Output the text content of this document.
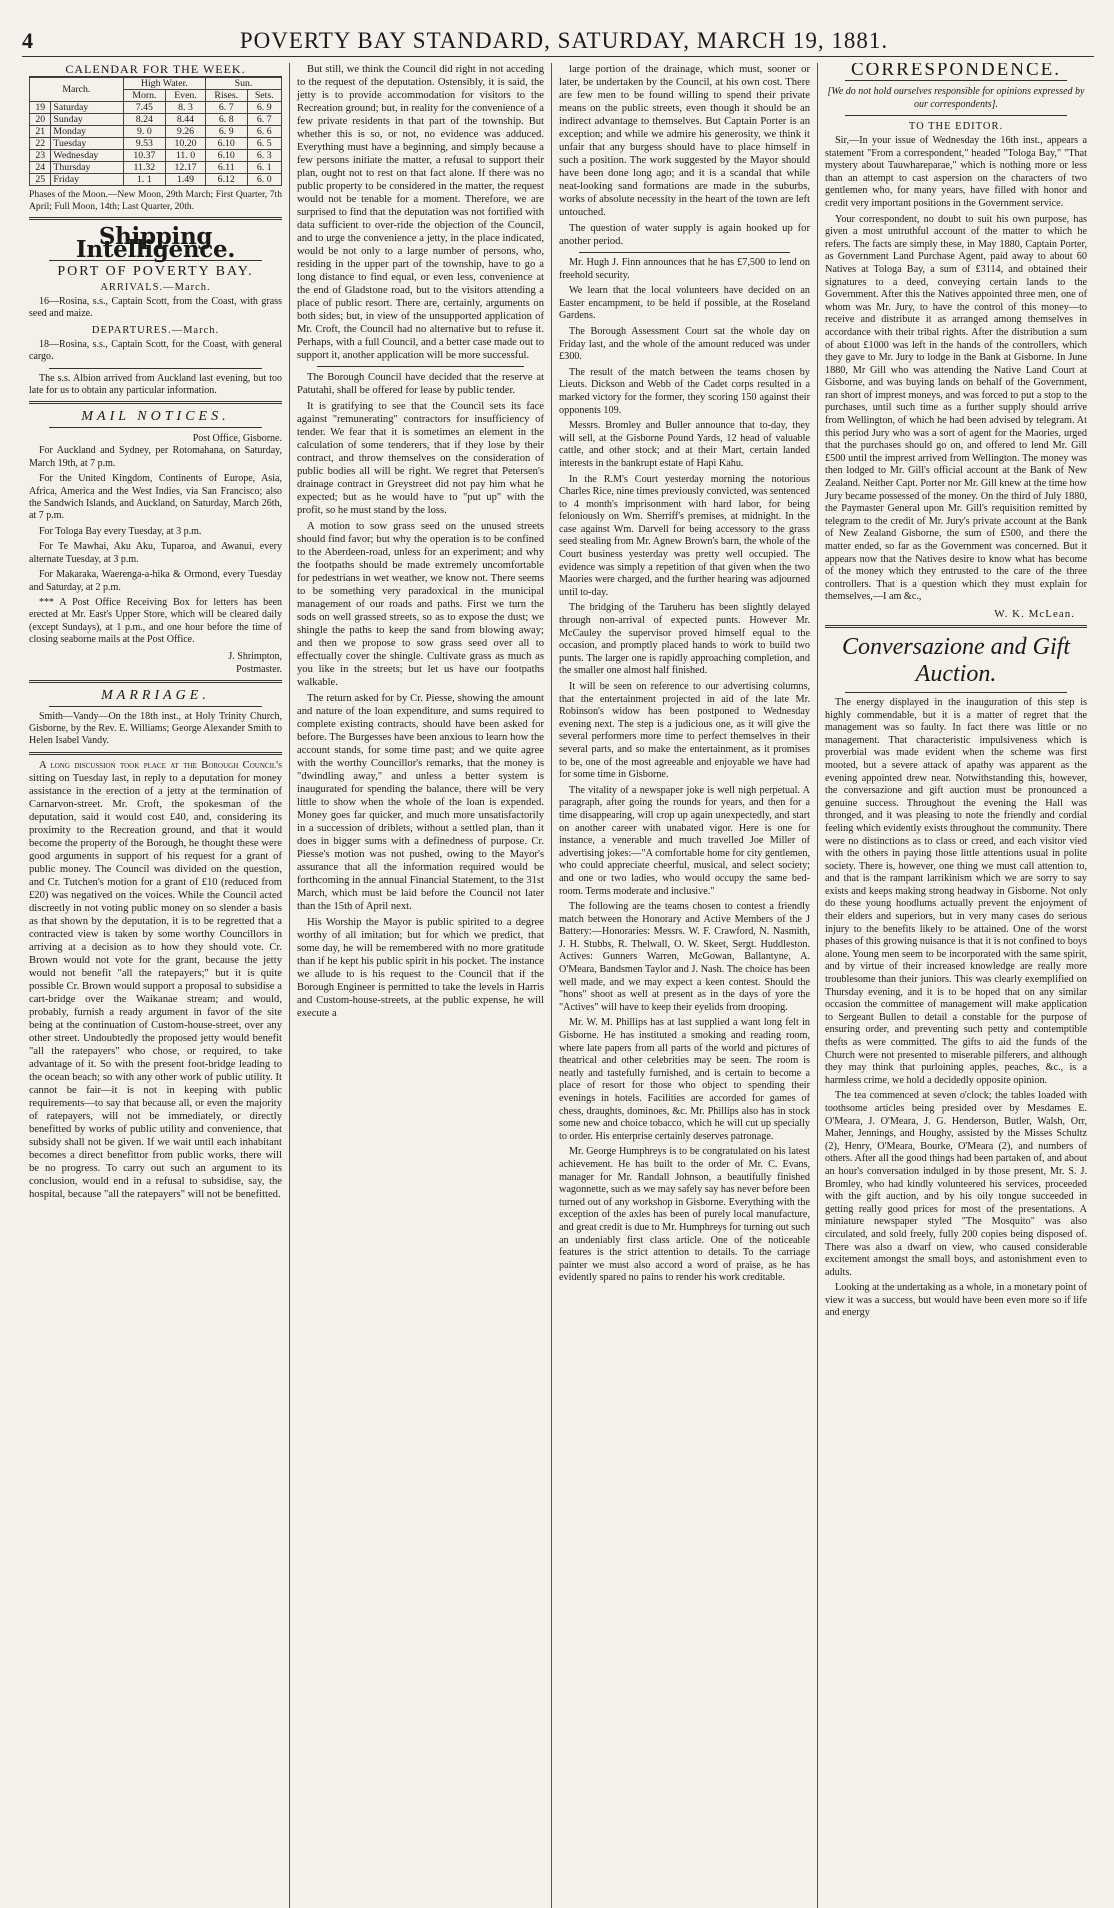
4	POVERTY BAY STANDARD, SATURDAY, MARCH 19, 1881.
CALENDAR FOR THE WEEK.
March.		High Water.		Sun.	
		Morn.	Even.	Rises.	Sets.
19	Saturday	7.45	8. 3	6. 7	6. 9
20	Sunday	8.24	8.44	6. 8	6. 7
21	Monday	9. 0	9.26	6. 9	6. 6
22	Tuesday	9.53	10.20	6.10	6. 5
23	Wednesday	10.37	11. 0	6.10	6. 3
24	Thursday	11.32	12.17	6.11	6. 1
25	Friday	1. 1	1.49	6.12	6. 0
Phases of the Moon.—New Moon, 29th March; First Quarter, 7th April; Full Moon, 14th; Last Quarter, 20th.
Shipping Intelligence.
PORT OF POVERTY BAY.
ARRIVALS.—March.

16—Rosina, s.s., Captain Scott, from the Coast, with grass seed and maize.

DEPARTURES.—March.

18—Rosina, s.s., Captain Scott, for the Coast, with general cargo.

The s.s. Albion arrived from Auckland last evening, but too late for us to obtain any particular information.

MAIL NOTICES.
Post Office, Gisborne.

For Auckland and Sydney, per Rotomahana, on Saturday, March 19th, at 7 p.m.

For the United Kingdom, Continents of Europe, Asia, Africa, America and the West Indies, via San Francisco; also the Sandwich Islands, and Auckland, on Saturday, March 26th, at 7 p.m.

For Tologa Bay every Tuesday, at 3 p.m.

For Te Mawhai, Aku Aku, Tuparoa, and Awanui, every alternate Tuesday, at 3 p.m.

For Makaraka, Waerenga-a-hika & Ormond, every Tuesday and Saturday, at 2 p.m.

*** A Post Office Receiving Box for letters has been erected at Mr. East's Upper Store, which will be cleared daily (except Sundays), at 1 p.m., and one hour before the time of closing seaborne mails at the Post Office.

J. Shrimpton,
Postmaster.
MARRIAGE.

Smith—Vandy—On the 18th inst., at Holy Trinity Church, Gisborne, by the Rev. E. Williams; George Alexander Smith to Helen Isabel Vandy.

A long discussion took place at the Borough Council's sitting on Tuesday last, in reply to a deputation for money assistance in the erection of a jetty at the termination of Carnarvon-street. Mr. Croft, the spokesman of the deputation, said it would cost £40, and, considering its proximity to the Recreation ground, and that it would become the property of the Borough, he thought these were good arguments in support of his request for a grant of public money. The Council was divided on the question, and Cr. Tutchen's motion for a grant of £10 (reduced from £20) was negatived on the voices. While the Council acted discreetly in not voting public money on so slender a basis as that shown by the deputation, it is to be regretted that a contracted view is taken by some worthy Councillors in arriving at a decision as to how they should vote. Cr. Brown would not vote for the grant, because the jetty would not benefit "all the ratepayers;" but it is quite possible Cr. Brown would support a proposal to subsidise a cart-bridge over the Waikanae stream; and would, probably, furnish a ready argument in favor of the site being at the continuation of Custom-house-street, over any other street. Undoubtedly the proposed jetty would benefit "all the ratepayers" who chose, or required, to take advantage of it. So with the present foot-bridge leading to the ocean beach; so with any other work of public utility. It cannot be fair—it is not in keeping with public requirements—to say that because all, or even the majority of ratepayers, will not be immediately, or directly benefitted by works of public utility and convenience, that subsidy shall not be given. If we wait until each inhabitant becomes a direct benefittor from public works, there will be no progress. To carry out such an argument to its conclusion, would end in a refusal to subsidise, say, the hospital, because "all the ratepayers" will not be benefitted.

But still, we think the Council did right in not acceding to the request of the deputation. Ostensibly, it is said, the jetty is to provide accommodation for visitors to the Recreation ground; but, in reality for the convenience of a few private residents in that part of the township. But whether this is so, or not, no evidence was adduced. Everything must have a beginning, and simply because a few persons initiate the matter, a refusal to support their plan, ought not to rest on that fact alone. If there was no public property to be considered in the matter, the request would not be tenable for a moment. Therefore, we are surprised to find that the deputation was not fortified with data sufficient to over-ride the objection of the Council, and to urge the convenience a jetty, in the place indicated, would be not only to a large number of persons, who, residing in the upper part of the township, have to go a long distance to find equal, or even less, convenience at the end of Gladstone road, but to the visitors attending a place of public resort. There are, certainly, arguments on both sides; but, in view of the unsupported application of Mr. Croft, the Council had no alternative but to refuse it. Perhaps, with a full Council, and a better case made out to support it, another application will be more successful.

The Borough Council have decided that the reserve at Patutahi, shall be offered for lease by public tender.

It is gratifying to see that the Council sets its face against "remunerating" contractors for insufficiency of tender. We fear that it is sometimes an element in the calculation of some tenderers, that if they lose by their contract, and throw themselves on the consideration of public bodies all will be right. We regret that Petersen's drainage contract in Greystreet did not pay him what he expected; but as he would have to "put up" with the profit, so he must stand by the loss.

A motion to sow grass seed on the unused streets should find favor; but why the operation is to be confined to the Aberdeen-road, unless for an experiment; and why the footpaths should be made extremely uncomfortable for pedestrians in wet weather, we know not. There seems to be something very paradoxical in the municipal management of our roads and paths. First we turn the sods on well grassed streets, so as to expose the dust; we shingle the paths to keep the sand from blowing away; and then we propose to sow grass seed over all to effectually cover the shingle. Cultivate grass as much as you like in the streets; but let us have our footpaths walkable.

The return asked for by Cr. Piesse, showing the amount and nature of the loan expenditure, and sums required to complete existing contracts, should have been asked for before. The Burgesses have been anxious to learn how the account stands, for some time past; and we quite agree with the worthy Councillor's remarks, that the money is "dwindling away," and unless a better system is inaugurated for spending the balance, there will be very little to show when the whole of the loan is expended. Money goes far quicker, and much more unsatisfactorily in a succession of driblets, without a settled plan, than it does in bigger sums with a definedness of purpose. Cr. Piesse's motion was not pushed, owing to the Mayor's assurance that all the information required would be forthcoming in the annual Financial Statement, to the 31st March, which must be laid before the Council not later than the 15th of April next.

His Worship the Mayor is public spirited to a degree worthy of all imitation; but for which we predict, that some day, he will be remembered with no more gratitude than if he kept his public spirit in his pocket. The instance we allude to is his request to the Council that if the Borough Engineer is permitted to take the levels in Harris and Custom-house-streets, at the public expense, he will execute a

large portion of the drainage, which must, sooner or later, be undertaken by the Council, at his own cost. There are few men to be found willing to spend their private means on the public streets, even though it should be an indirect advantage to themselves. But Captain Porter is an exception; and while we admire his generosity, we think it unfair that any burgess should have to place himself in such a position. The work suggested by the Mayor should have been done long ago; and it is a scandal that while neat-looking sand formations are made in the suburbs, works of absolute necessity in the heart of the town are left untouched.

The question of water supply is again hooked up for another period.

Mr. Hugh J. Finn announces that he has £7,500 to lend on freehold security.

We learn that the local volunteers have decided on an Easter encampment, to be held if possible, at the Roseland Gardens.

The Borough Assessment Court sat the whole day on Friday last, and the whole of the amount reduced was under £300.

The result of the match between the teams chosen by Lieuts. Dickson and Webb of the Cadet corps resulted in a marked victory for the former, they scoring 150 against their opponents 109.

Messrs. Bromley and Buller announce that to-day, they will sell, at the Gisborne Pound Yards, 12 head of valuable cattle, and other stock; and at their Mart, certain landed interests in the bankrupt estate of Hapi Kahu.

In the R.M's Court yesterday morning the notorious Charles Rice, nine times previously convicted, was sentenced to 4 month's imprisonment with hard labor, for being feloniously on Wm. Sherriff's premises, at midnight. In the case against Wm. Darvell for being accessory to the grass seed stealing from Mr. Agnew Brown's barn, the whole of the Court business yesterday was pretty well occupied. The evidence was simply a repetition of that given when the two Maories were charged, and the further hearing was adjourned until to-day.

The bridging of the Taruheru has been slightly delayed through non-arrival of expected punts. However Mr. McCauley the supervisor proved himself equal to the occasion, and promptly placed hands to work to build two punts. The larger one is rapidly approaching completion, and the smaller one almost half finished.

It will be seen on reference to our advertising columns, that the entertainment projected in aid of the late Mr. Robinson's widow has been postponed to Wednesday evening next. The step is a judicious one, as it will give the several performers more time to perfect themselves in their several parts, and so make the entertainment, as it promises to be, one of the most agreeable and enjoyable we have had for some time in Gisborne.

The vitality of a newspaper joke is well nigh perpetual. A paragraph, after going the rounds for years, and then for a time disappearing, will crop up again unexpectedly, and start on another career with unabated vigor. Here is one for instance, a venerable and much travelled Joe Miller of advertising jokes:—"A comfortable home for city gentlemen, who could appreciate cheerful, musical, and select society; and one or two ladies, who would occupy the same bed-room. Terms moderate and inclusive."

The following are the teams chosen to contest a friendly match between the Honorary and Active Members of the J Battery:—Honoraries: Messrs. W. F. Crawford, N. Nasmith, J. H. Stubbs, R. Thelwall, O. W. Skeet, Sergt. Huddleston. Actives: Gunners Warren, McGowan, Ballantyne, A. O'Meara, Bandsmen Taylor and J. Nash. The choice has been well made, and we may expect a keen contest. Should the "hons" shoot as well at present as in the days of yore the "Actives" will have to keep their eyelids from drooping.

Mr. W. M. Phillips has at last supplied a want long felt in Gisborne. He has instituted a smoking and reading room, where late papers from all parts of the world and pictures of theatrical and other celebrities may be seen. The room is neatly and tastefully furnished, and is certain to become a place of resort for those who object to spending their evenings in hotels. Facilities are accorded for games of chess, draughts, dominoes, &c. Mr. Phillips also has in stock some new and choice tobacco, which he will cut up specially to order. His enterprise certainly deserves patronage.

Mr. George Humphreys is to be congratulated on his latest achievement. He has built to the order of Mr. C. Evans, manager for Mr. Randall Johnson, a beautifully finished wagonnette, such as we may safely say has never before been turned out of any workshop in Gisborne. Everything with the exception of the axles has been of purely local manufacture, and great credit is due to Mr. Humphreys for turning out such an undeniably first class article. One of the noticeable features is the strict attention to details. To the carriage painter we must also accord a word of praise, as he has evidently spared no pains to render his work creditable.

CORRESPONDENCE.
[We do not hold ourselves responsible for opinions expressed by our correspondents].
TO THE EDITOR.

Sir,—In your issue of Wednesday the 16th inst., appears a statement "From a correspondent," headed "Tologa Bay," "That mystery about Tauwhareparae," which is nothing more or less than an attempt to cast aspersion on the characters of two gentlemen who, for many years, have filled with honor and credit very important positions in the Government service.

Your correspondent, no doubt to suit his own purpose, has given a most untruthful account of the matter to which he refers. The facts are simply these, in May 1880, Captain Porter, as Government Land Purchase Agent, paid away to about 60 Natives at Tologa Bay, a sum of £3114, and obtained their signatures to a deed, conveying certain lands to the Government. After this the Natives appointed three men, one of whom was Mr. Jury, to have the control of this money—to receive and distribute it as arranged among themselves in accordance with their tribal rights. After the distribution a sum of about £1000 was left in the hands of the controllers, which they gave to Mr. Jury to lodge in the Bank at Gisborne. In June 1880, Mr Gill who was attending the Native Land Court at Gisborne, and was buying lands on behalf of the Government, ran short of imprest moneys, and was forced to put a stop to the purchases, until such time as a further supply should arrive from Wellington, of which he had been advised by telegram. At this period Jury who was a sort of agent for the Maories, urged that the purchases should go on, and offered to lend Mr. Gill £500 until the imprest arrived from Wellington. The money was then lodged to Mr. Gill's official account at the Bank of New Zealand. Neither Capt. Porter nor Mr. Gill knew at the time how Jury became possessed of the money. On the third of July 1880, the Paymaster General upon Mr. Gill's requisition remitted by telegram to the credit of Mr. Jury's private account at the Bank of New Zealand Gisborne, the sum of £500, and there the matter ended, so far as the Government was concerned. But it appears now that the Natives desire to know what has become of the money which they entrusted to the care of the three controllers. That is a question which they must explain for themselves,—I am &c.,

W. K. McLean.
Conversazione and Gift Auction.

The energy displayed in the inauguration of this step is highly commendable, but it is a matter of regret that the management was so faulty. In fact there was little or no management. That characteristic impulsiveness which is proverbial was made evident when the scheme was first mooted, but a severe attack of apathy was apparent as the evening appointed drew near. Notwithstanding this, however, the conversazione and gift auction must be pronounced a genuine success. Throughout the evening the Hall was thronged, and it was pleasing to note the friendly and cordial feeling which evidently exists throughout the community. There were no distinctions as to class or creed, and each visitor vied with the others in paying those little attentions usual in polite society. There is, however, one thing we must call attention to, and that is the rampant larrikinism which we are sorry to say exists and keeps making strong headway in Gisborne. Not only do these young hoodlums actually prevent the enjoyment of their elders and superiors, but in very many cases do serious injury to the benefits likely to be attained. One of the worst phases of this growing nuisance is that it is not confined to boys alone. Young men seem to be incorporated with the same spirit, and by virtue of their increased knowledge are really more troublesome than their juniors. This was clearly exemplified on Thursday evening, and it is to be hoped that on any similar occasion the committee of management will make application to Sergeant Bullen to detail a constable for the purpose of ensuring order, and preventing such petty and contemptible thefts as were committed. The gifts to aid the funds of the Church were not presented to miserable pilferers, and although they may think that purloining apples, peaches, &c., is a harmless crime, we hold a decidedly opposite opinion.

The tea commenced at seven o'clock; the tables loaded with toothsome articles being presided over by Mesdames E. O'Meara, J. O'Meara, J. G. Henderson, Butler, Walsh, Orr, Maher, Jennings, and Houghy, assisted by the Misses Schultz (2), Henry, O'Meara, Bourke, O'Meara (2), and numbers of others. After all the good things had been partaken of, and about an hour's conversation indulged in by those present, Mr. S. J. Bromley, who had kindly volunteered his services, proceeded with the gift auction, and by his oily tongue succeeded in getting really good prices for most of the presentations. A miniature newspaper styled "The Mosquito" was also circulated, and sold freely, fully 200 copies being disposed of. There was also a dwarf on view, who caused considerable excitement amongst the small boys, and astonishment even to adults.

Looking at the undertaking as a whole, in a monetary point of view it was a success, but would have been even more so if life and energy
